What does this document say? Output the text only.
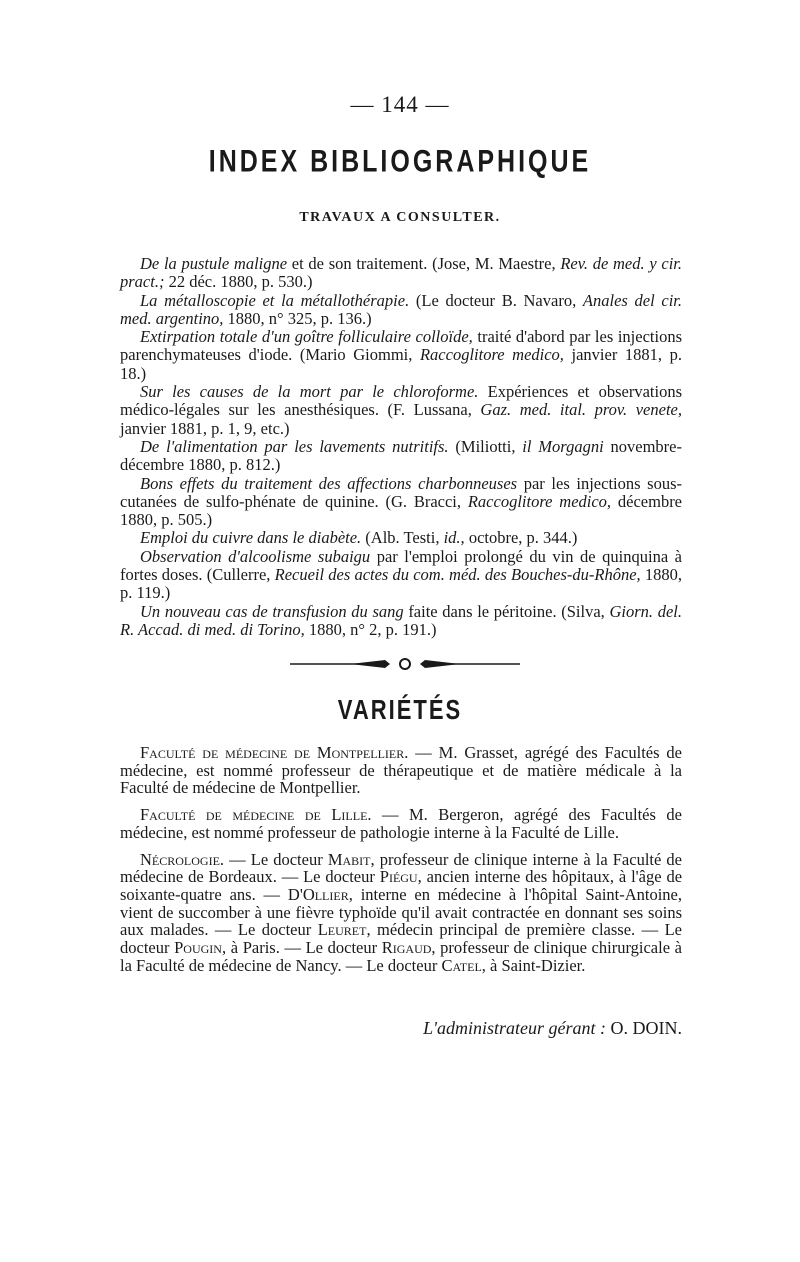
— 144 —
INDEX BIBLIOGRAPHIQUE
TRAVAUX A CONSULTER.

De la pustule maligne et de son traitement. (Jose, M. Maestre, Rev. de med. y cir. pract.; 22 déc. 1880, p. 530.)

La métalloscopie et la métallothérapie. (Le docteur B. Navaro, Anales del cir. med. argentino, 1880, n° 325, p. 136.)

Extirpation totale d'un goître folliculaire colloïde, traité d'abord par les injections parenchymateuses d'iode. (Mario Giommi, Raccoglitore medico, janvier 1881, p. 18.)

Sur les causes de la mort par le chloroforme. Expériences et observations médico-légales sur les anesthésiques. (F. Lussana, Gaz. med. ital. prov. venete, janvier 1881, p. 1, 9, etc.)

De l'alimentation par les lavements nutritifs. (Miliotti, il Morgagni novembre-décembre 1880, p. 812.)

Bons effets du traitement des affections charbonneuses par les injections sous-cutanées de sulfo-phénate de quinine. (G. Bracci, Raccoglitore medico, décembre 1880, p. 505.)

Emploi du cuivre dans le diabète. (Alb. Testi, id., octobre, p. 344.)

Observation d'alcoolisme subaigu par l'emploi prolongé du vin de quinquina à fortes doses. (Cullerre, Recueil des actes du com. méd. des Bouches-du-Rhône, 1880, p. 119.)

Un nouveau cas de transfusion du sang faite dans le péritoine. (Silva, Giorn. del. R. Accad. di med. di Torino, 1880, n° 2, p. 191.)

VARIÉTÉS

Faculté de médecine de Montpellier. — M. Grasset, agrégé des Facultés de médecine, est nommé professeur de thérapeutique et de matière médicale à la Faculté de médecine de Montpellier.

Faculté de médecine de Lille. — M. Bergeron, agrégé des Facultés de médecine, est nommé professeur de pathologie interne à la Faculté de Lille.

Nécrologie. — Le docteur Mabit, professeur de clinique interne à la Faculté de médecine de Bordeaux. — Le docteur Piégu, ancien interne des hôpitaux, à l'âge de soixante-quatre ans. — D'Ollier, interne en médecine à l'hôpital Saint-Antoine, vient de succomber à une fièvre typhoïde qu'il avait contractée en donnant ses soins aux malades. — Le docteur Leuret, médecin principal de première classe. — Le docteur Pougin, à Paris. — Le docteur Rigaud, professeur de clinique chirurgicale à la Faculté de médecine de Nancy. — Le docteur Catel, à Saint-Dizier.

L'administrateur gérant : O. DOIN.
